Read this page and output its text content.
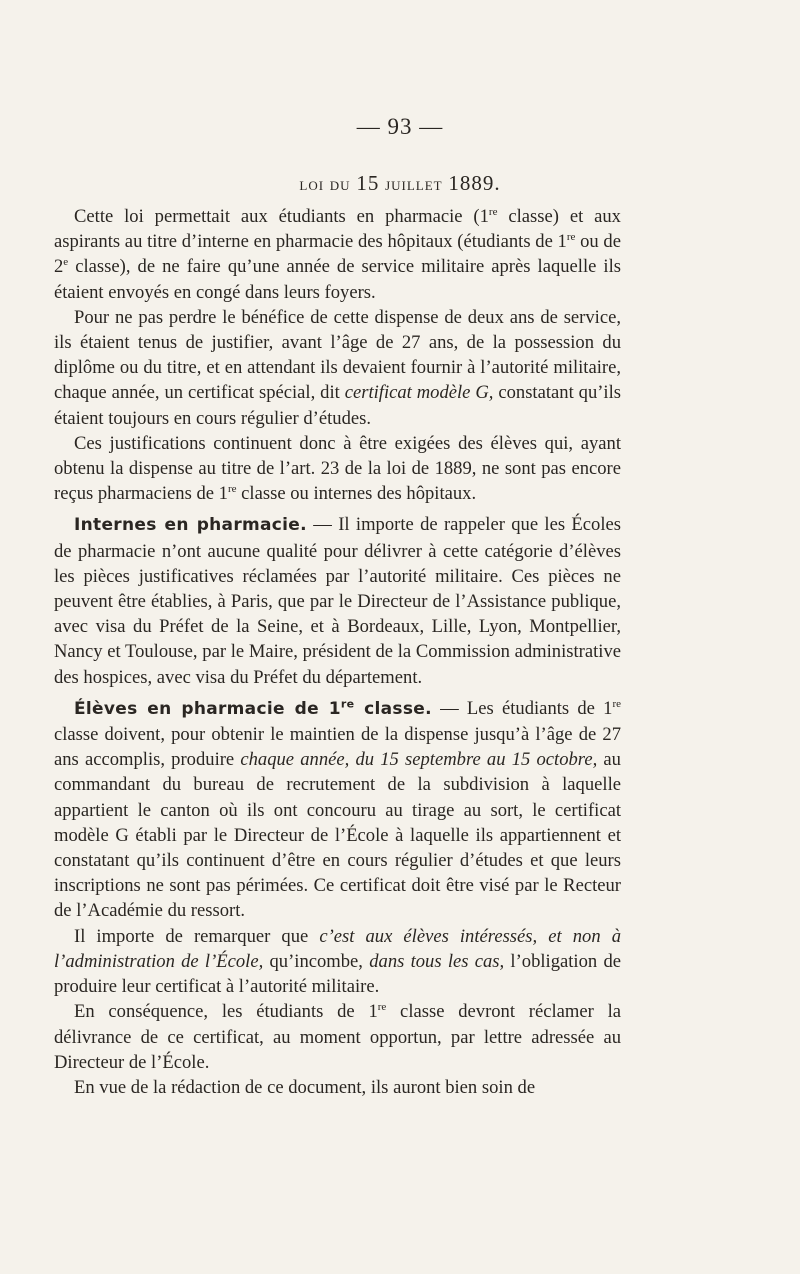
— 93 —
loi du 15 juillet 1889.

Cette loi permettait aux étudiants en pharmacie (1re classe) et aux aspirants au titre d’interne en pharmacie des hôpitaux (étudiants de 1re ou de 2e classe), de ne faire qu’une année de service militaire après laquelle ils étaient envoyés en congé dans leurs foyers.

Pour ne pas perdre le bénéfice de cette dispense de deux ans de service, ils étaient tenus de justifier, avant l’âge de 27 ans, de la possession du diplôme ou du titre, et en attendant ils devaient fournir à l’autorité militaire, chaque année, un certificat spécial, dit certificat modèle G, constatant qu’ils étaient toujours en cours régulier d’études.

Ces justifications continuent donc à être exigées des élèves qui, ayant obtenu la dispense au titre de l’art. 23 de la loi de 1889, ne sont pas encore reçus pharmaciens de 1re classe ou internes des hôpitaux.

Internes en pharmacie. — Il importe de rappeler que les Écoles de pharmacie n’ont aucune qualité pour délivrer à cette catégorie d’élèves les pièces justificatives réclamées par l’autorité militaire. Ces pièces ne peuvent être établies, à Paris, que par le Directeur de l’Assistance publique, avec visa du Préfet de la Seine, et à Bordeaux, Lille, Lyon, Montpellier, Nancy et Toulouse, par le Maire, président de la Commission administrative des hospices, avec visa du Préfet du département.

Élèves en pharmacie de 1re classe. — Les étudiants de 1re classe doivent, pour obtenir le maintien de la dispense jusqu’à l’âge de 27 ans accomplis, produire chaque année, du 15 septembre au 15 octobre, au commandant du bureau de recrutement de la subdivision à laquelle appartient le canton où ils ont concouru au tirage au sort, le certificat modèle G établi par le Directeur de l’École à laquelle ils appartiennent et constatant qu’ils continuent d’être en cours régulier d’études et que leurs inscriptions ne sont pas périmées. Ce certificat doit être visé par le Recteur de l’Académie du ressort.

Il importe de remarquer que c’est aux élèves intéressés, et non à l’administration de l’École, qu’incombe, dans tous les cas, l’obligation de produire leur certificat à l’autorité militaire.

En conséquence, les étudiants de 1re classe devront réclamer la délivrance de ce certificat, au moment opportun, par lettre adressée au Directeur de l’École.

En vue de la rédaction de ce document, ils auront bien soin de
